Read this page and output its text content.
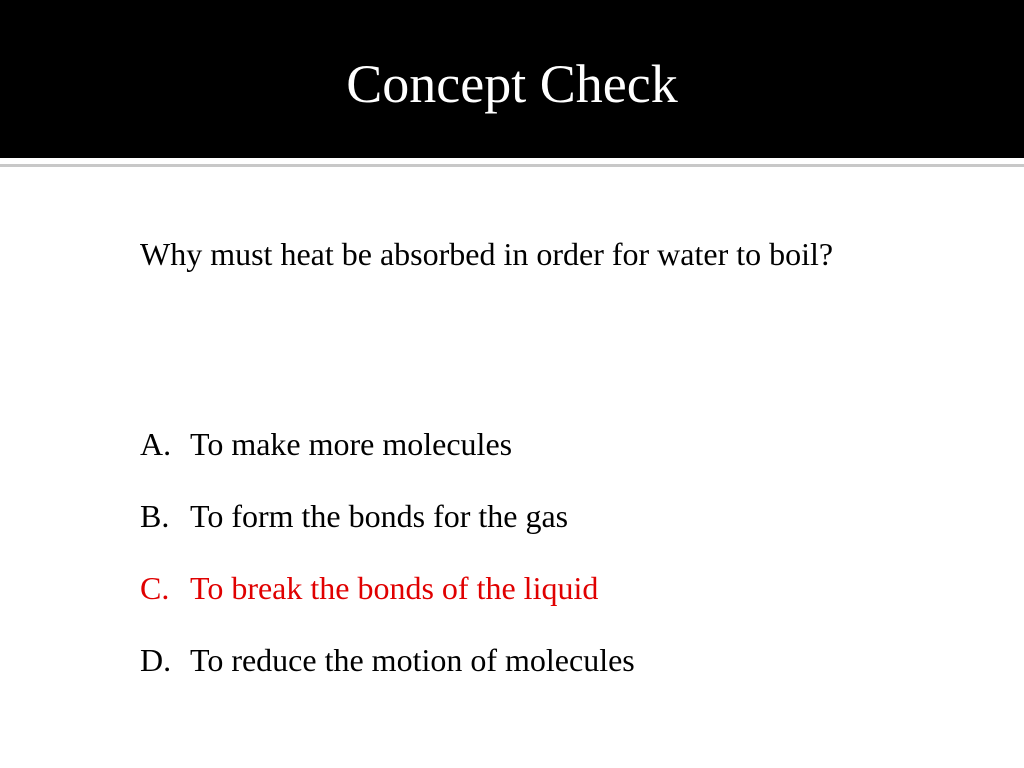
Concept Check
Why must heat be absorbed in order for water to boil?
A. To make more molecules
B. To form the bonds for the gas
C. To break the bonds of the liquid
D. To reduce the motion of molecules
